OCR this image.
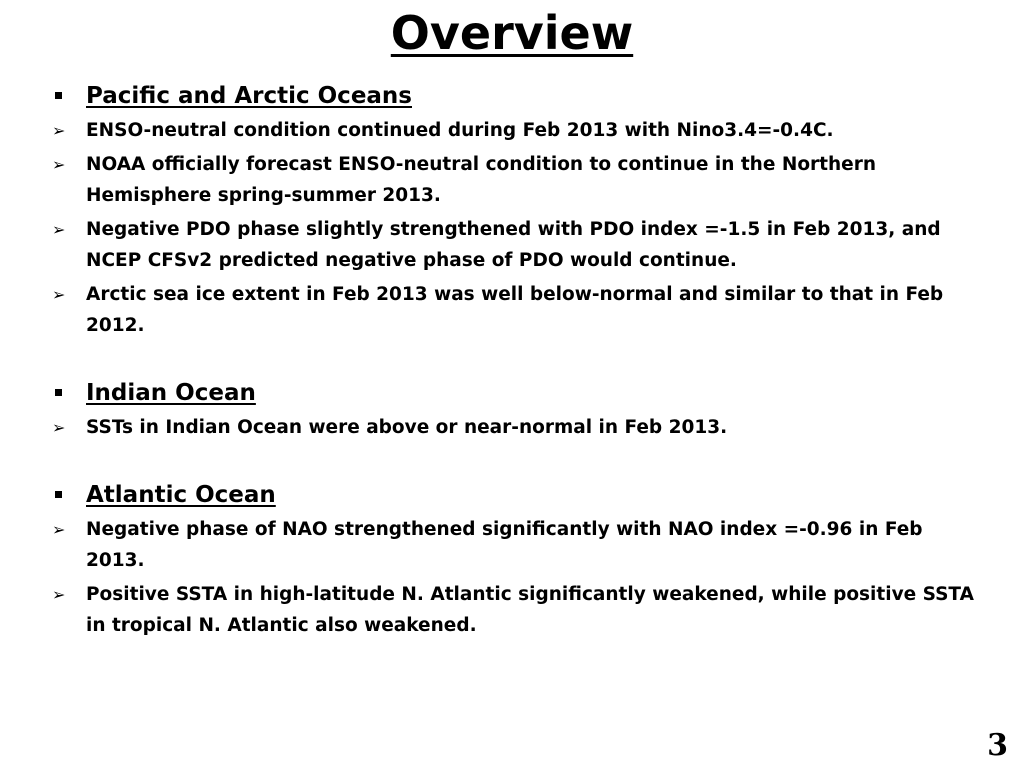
Overview
Pacific and Arctic Oceans
➢ ENSO-neutral condition continued during Feb 2013 with Nino3.4=-0.4C.
➢ NOAA officially forecast ENSO-neutral condition to continue in the Northern Hemisphere spring-summer 2013.
➢ Negative PDO phase slightly strengthened with PDO index =-1.5 in Feb 2013, and NCEP CFSv2 predicted negative phase of PDO would continue.
➢ Arctic sea ice extent in Feb 2013 was well below-normal and similar to that in Feb 2012.
Indian Ocean
➢ SSTs in Indian Ocean were above or near-normal in Feb 2013.
Atlantic Ocean
➢ Negative phase of NAO strengthened significantly with NAO index =-0.96 in Feb 2013.
➢ Positive SSTA in high-latitude N. Atlantic significantly weakened, while positive SSTA in tropical N. Atlantic also weakened.
3
